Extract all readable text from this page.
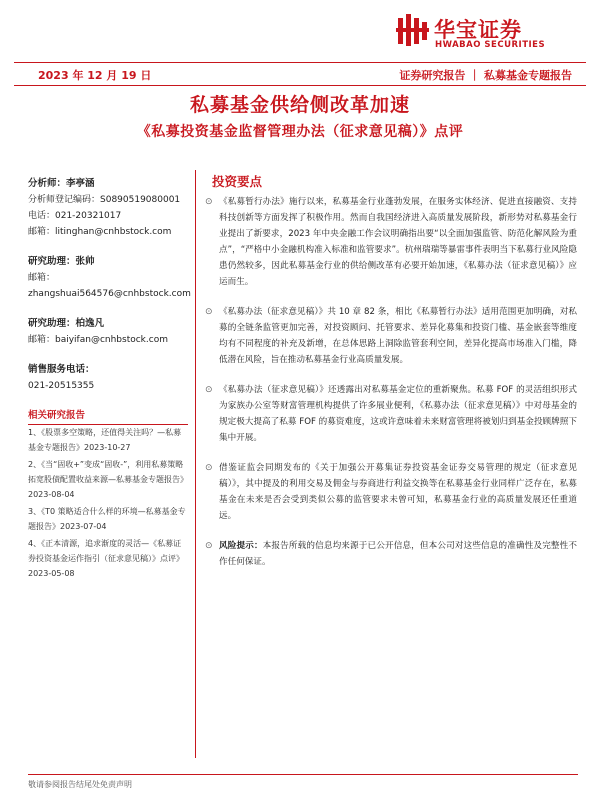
华宝证券
HWABAO SECURITIES
2023 年 12 月 19 日	证券研究报告 ｜ 私募基金专题报告
私募基金供给侧改革加速
《私募投资基金监督管理办法（征求意见稿）》点评
分析师：李亭涵
分析师登记编码：S0890519080001
电话：021-20321017
邮箱：litinghan@cnhbstock.com
研究助理：张帅
邮箱：
zhangshuai564576@cnhbstock.com
研究助理：柏逸凡
邮箱：baiyifan@cnhbstock.com
销售服务电话：
021-20515355
相关研究报告
1、《股票多空策略，还值得关注吗？—私募基金专题报告》2023-10-27
2、《当“固收+”变成“固收-”，利用私募策略拓宽股债配置收益来源—私募基金专题报告》2023-08-04
3、《T0 策略适合什么样的环境—私募基金专题报告》2023-07-04
4、《正本清源，追求渐度的灵活—《私募证券投资基金运作指引（征求意见稿）》点评》2023-05-08
投资要点
⊙ 《私募暂行办法》施行以来，私募基金行业蓬勃发展，在服务实体经济、促进直接融资、支持科技创新等方面发挥了积极作用。然而自我国经济进入高质量发展阶段，新形势对私募基金行业提出了新要求，2023 年中央金融工作会议明确指出要“以全面加强监管、防范化解风险为重点”，“严格中小金融机构准入标准和监管要求”。杭州瑞瑞等暴雷事件表明当下私募行业风险隐患仍然较多，因此私募基金行业的供给侧改革有必要开始加速，《私募办法（征求意见稿）》应运而生。
⊙ 《私募办法（征求意见稿）》共 10 章 82 条，相比《私募暂行办法》适用范围更加明确，对私募的全链条监管更加完善，对投资顾问、托管要求、差异化募集和投资门槛、基金嵌套等维度均有不同程度的补充及新增，在总体思路上洞除监管套利空间，差异化提高市场准入门槛，降低潜在风险，旨在推动私募基金行业高质量发展。
⊙ 《私募办法（征求意见稿）》还透露出对私募基金定位的重新聚焦。私募 FOF 的灵活组织形式为家族办公室等财富管理机构提供了许多展业便利，《私募办法（征求意见稿）》中对母基金的规定极大提高了私募 FOF 的募资难度，这或许意味着未来财富管理将被划归到基金投顾牌照下集中开展。
⊙ 借鉴证监会同期发布的《关于加强公开募集证券投资基金证券交易管理的规定（征求意见稿）》，其中提及的利用交易及佣金与券商进行利益交换等在私募基金行业同样广泛存在，私募基金在未来是否会受到类似公募的监管要求未曾可知，私募基金行业的高质量发展还任重道远。
⊙ 风险提示：本报告所载的信息均来源于已公开信息，但本公司对这些信息的准确性及完整性不作任何保证。
敬请参阅报告结尾处免责声明
